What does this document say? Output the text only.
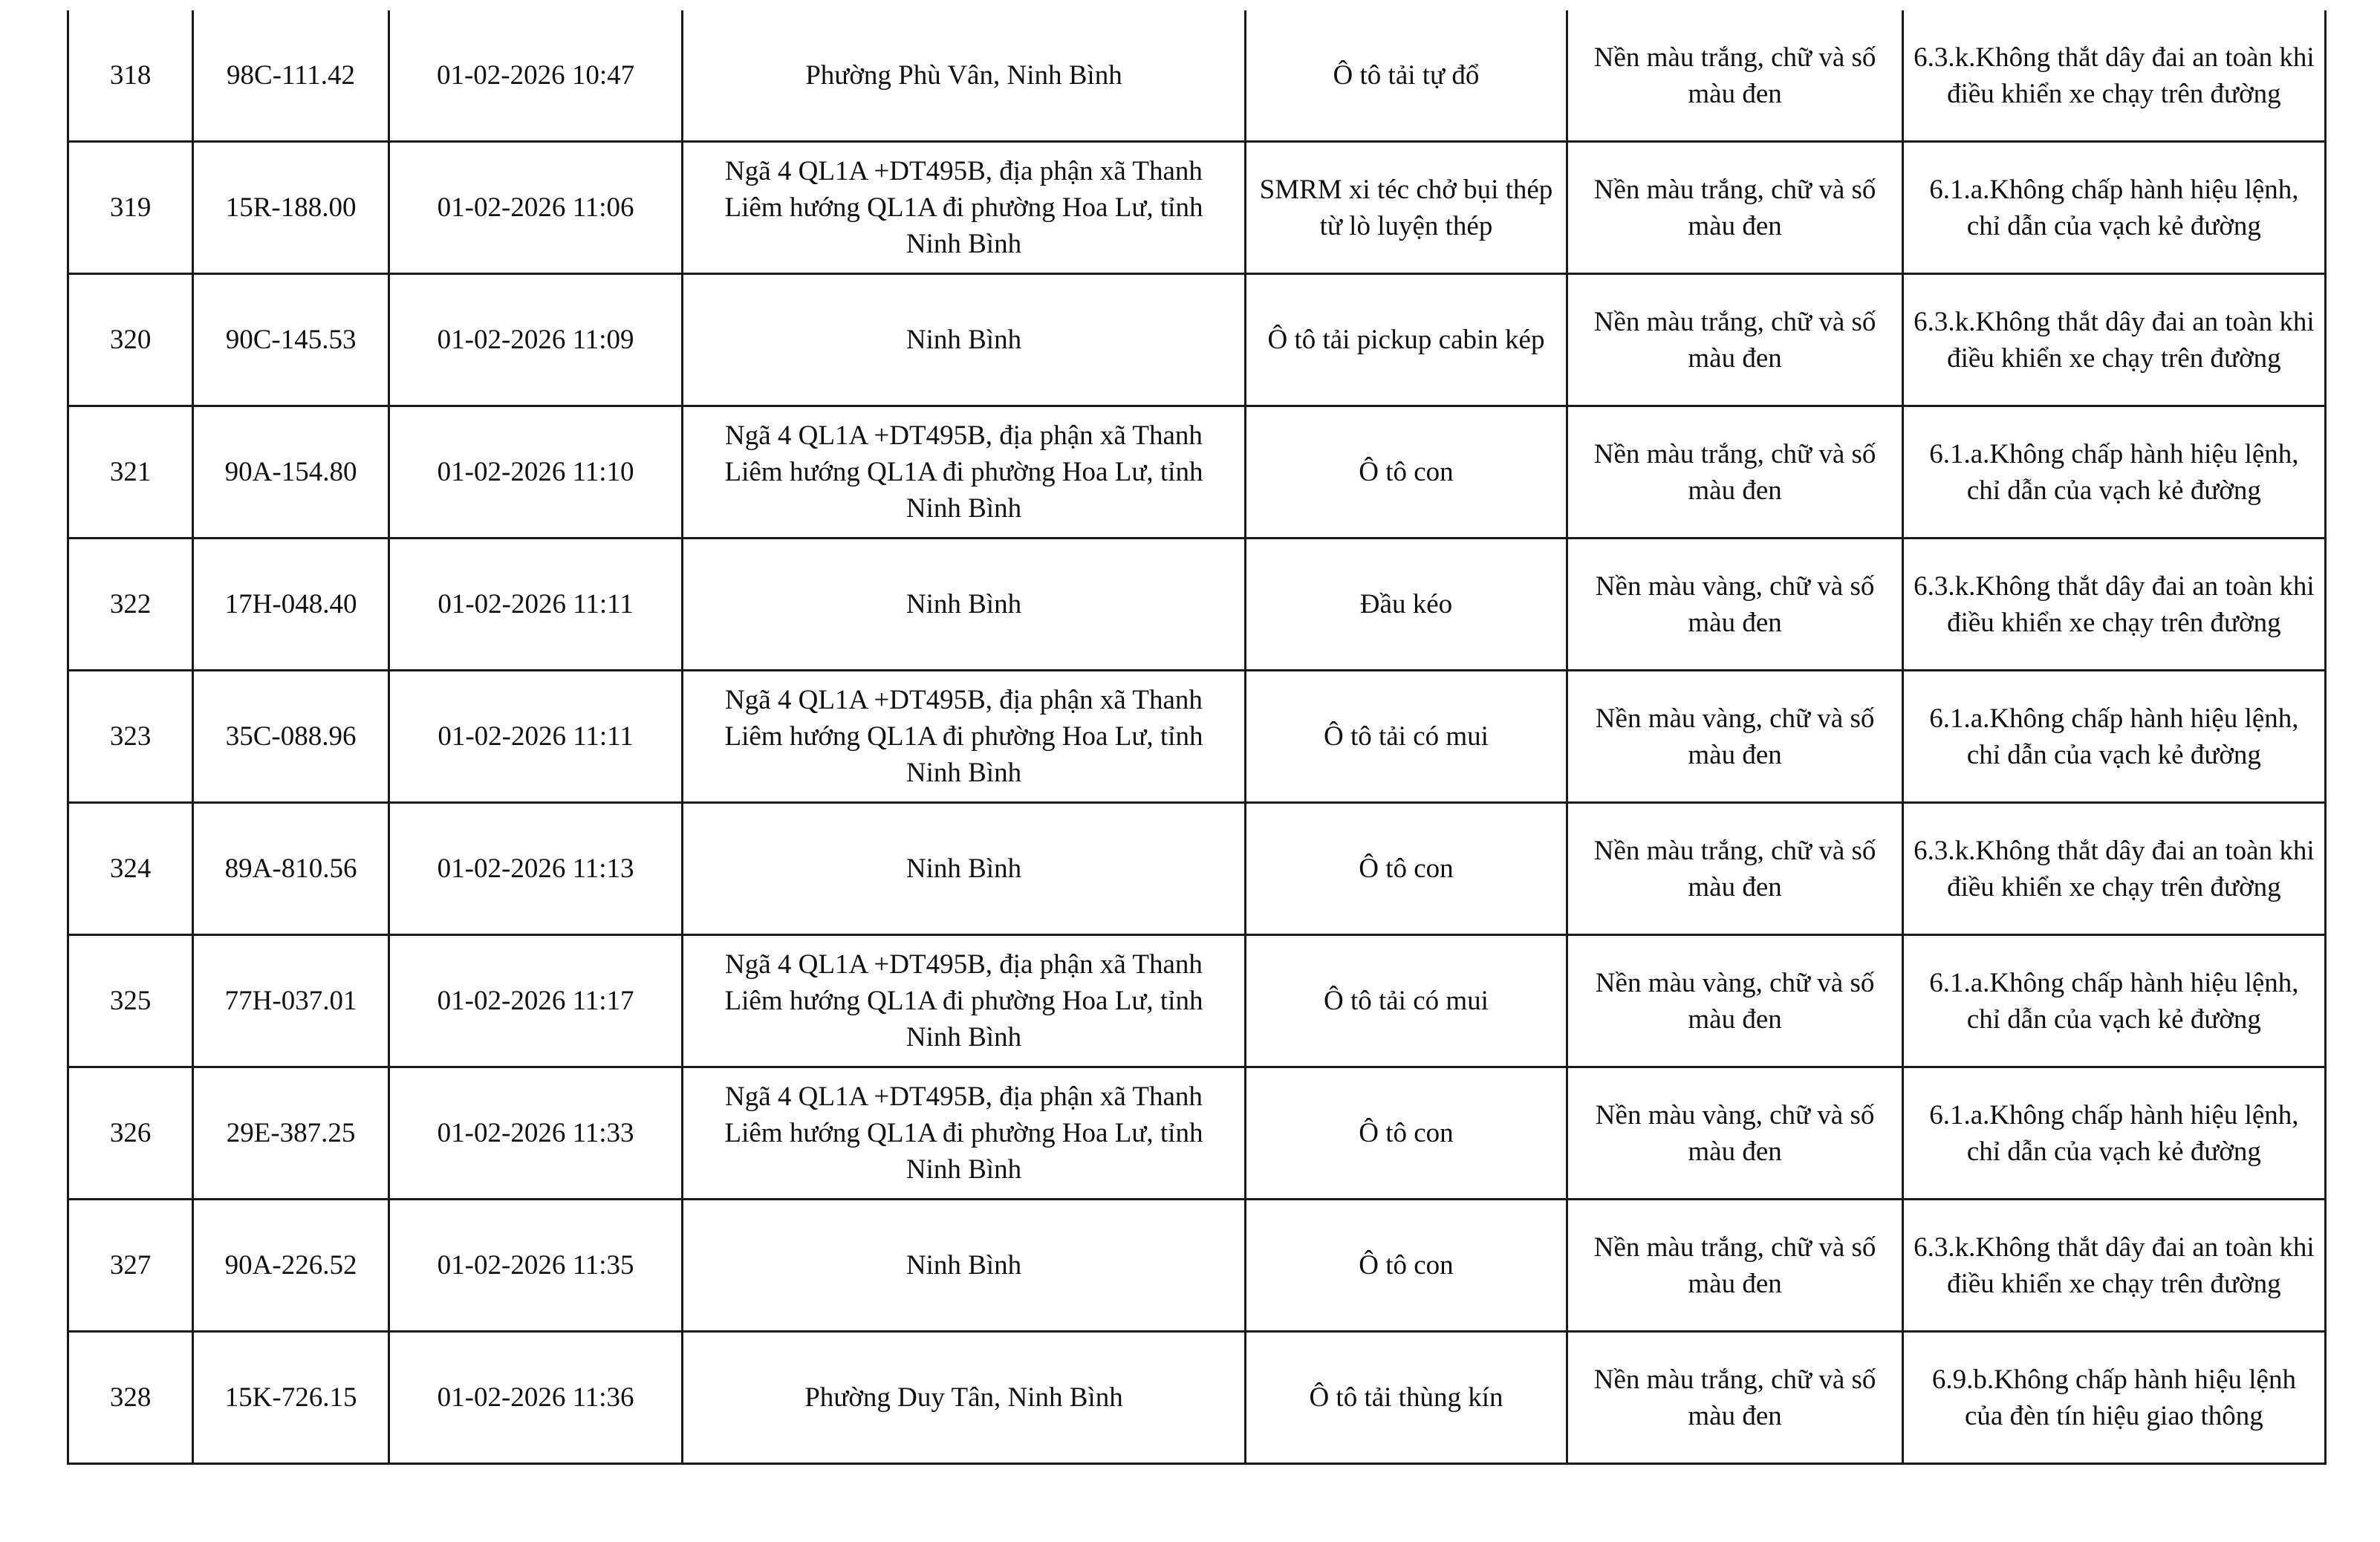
318	98C-111.42	01-02-2026 10:47	Phường Phù Vân, Ninh Bình	Ô tô tải tự đổ	Nền màu trắng, chữ và số màu đen	6.3.k.Không thắt dây đai an toàn khi điều khiển xe chạy trên đường
319	15R-188.00	01-02-2026 11:06	Ngã 4 QL1A +DT495B, địa phận xã Thanh Liêm hướng QL1A đi phường Hoa Lư, tỉnh Ninh Bình	SMRM xi téc chở bụi thép từ lò luyện thép	Nền màu trắng, chữ và số màu đen	6.1.a.Không chấp hành hiệu lệnh, chỉ dẫn của vạch kẻ đường
320	90C-145.53	01-02-2026 11:09	Ninh Bình	Ô tô tải pickup cabin kép	Nền màu trắng, chữ và số màu đen	6.3.k.Không thắt dây đai an toàn khi điều khiển xe chạy trên đường
321	90A-154.80	01-02-2026 11:10	Ngã 4 QL1A +DT495B, địa phận xã Thanh Liêm hướng QL1A đi phường Hoa Lư, tỉnh Ninh Bình	Ô tô con	Nền màu trắng, chữ và số màu đen	6.1.a.Không chấp hành hiệu lệnh, chỉ dẫn của vạch kẻ đường
322	17H-048.40	01-02-2026 11:11	Ninh Bình	Đầu kéo	Nền màu vàng, chữ và số màu đen	6.3.k.Không thắt dây đai an toàn khi điều khiển xe chạy trên đường
323	35C-088.96	01-02-2026 11:11	Ngã 4 QL1A +DT495B, địa phận xã Thanh Liêm hướng QL1A đi phường Hoa Lư, tỉnh Ninh Bình	Ô tô tải có mui	Nền màu vàng, chữ và số màu đen	6.1.a.Không chấp hành hiệu lệnh, chỉ dẫn của vạch kẻ đường
324	89A-810.56	01-02-2026 11:13	Ninh Bình	Ô tô con	Nền màu trắng, chữ và số màu đen	6.3.k.Không thắt dây đai an toàn khi điều khiển xe chạy trên đường
325	77H-037.01	01-02-2026 11:17	Ngã 4 QL1A +DT495B, địa phận xã Thanh Liêm hướng QL1A đi phường Hoa Lư, tỉnh Ninh Bình	Ô tô tải có mui	Nền màu vàng, chữ và số màu đen	6.1.a.Không chấp hành hiệu lệnh, chỉ dẫn của vạch kẻ đường
326	29E-387.25	01-02-2026 11:33	Ngã 4 QL1A +DT495B, địa phận xã Thanh Liêm hướng QL1A đi phường Hoa Lư, tỉnh Ninh Bình	Ô tô con	Nền màu vàng, chữ và số màu đen	6.1.a.Không chấp hành hiệu lệnh, chỉ dẫn của vạch kẻ đường
327	90A-226.52	01-02-2026 11:35	Ninh Bình	Ô tô con	Nền màu trắng, chữ và số màu đen	6.3.k.Không thắt dây đai an toàn khi điều khiển xe chạy trên đường
328	15K-726.15	01-02-2026 11:36	Phường Duy Tân, Ninh Bình	Ô tô tải thùng kín	Nền màu trắng, chữ và số màu đen	6.9.b.Không chấp hành hiệu lệnh của đèn tín hiệu giao thông
